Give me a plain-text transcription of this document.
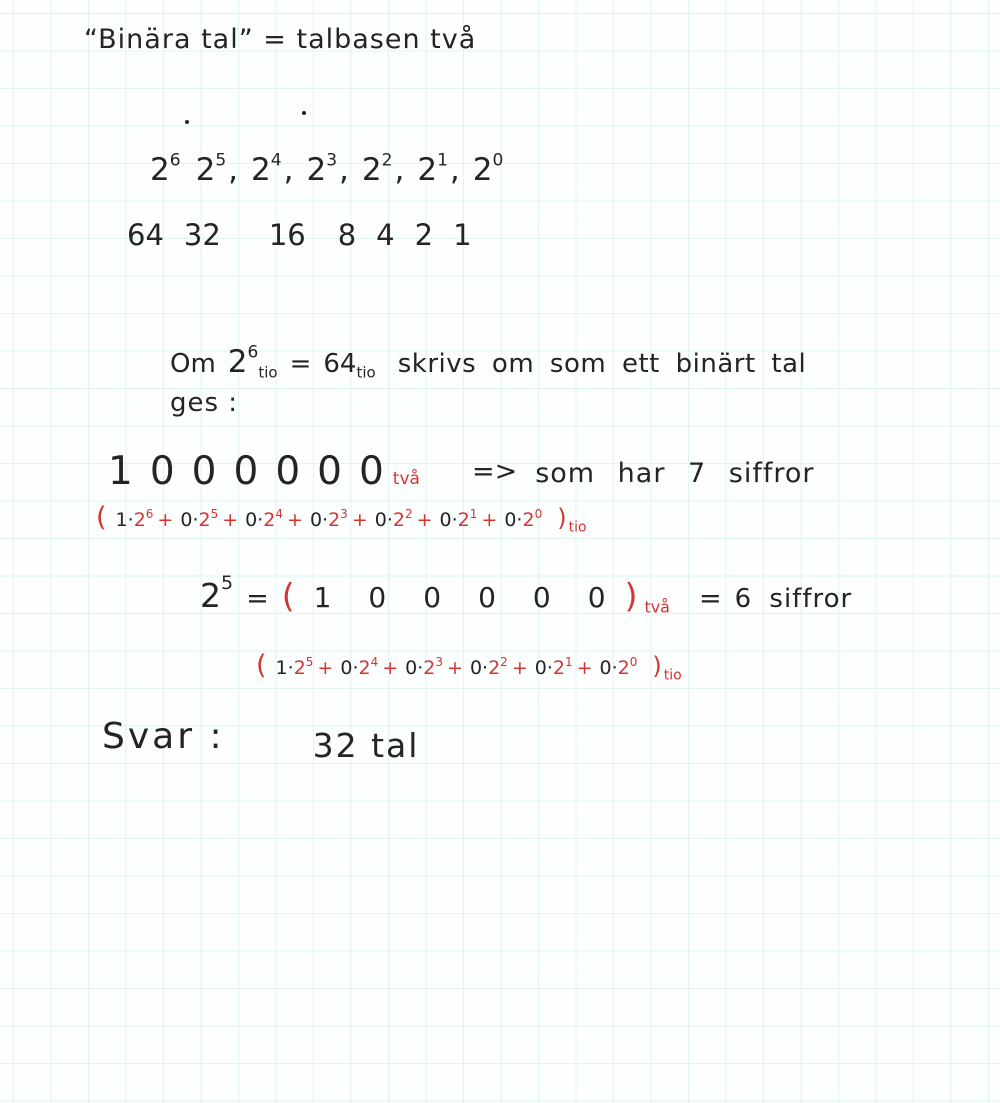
“Binära tal” = talbasen två
26 25, 24, 23, 22, 21, 20
64 32 16 8 4 2 1
Om 26tio = 64tio skrivs om som ett binärt tal
ges :
1 0 0 0 0 0 0 två => som har 7 siffror
( 1·26 + 0·25 + 0·24 + 0·23 + 0·22 + 0·21 + 0·20 ) tio
25
= ( 1 0 0 0 0 0 ) två = 6 siffror
( 1·25 + 0·24 + 0·23 + 0·22 + 0·21 + 0·20 ) tio
Svar :	32 tal
